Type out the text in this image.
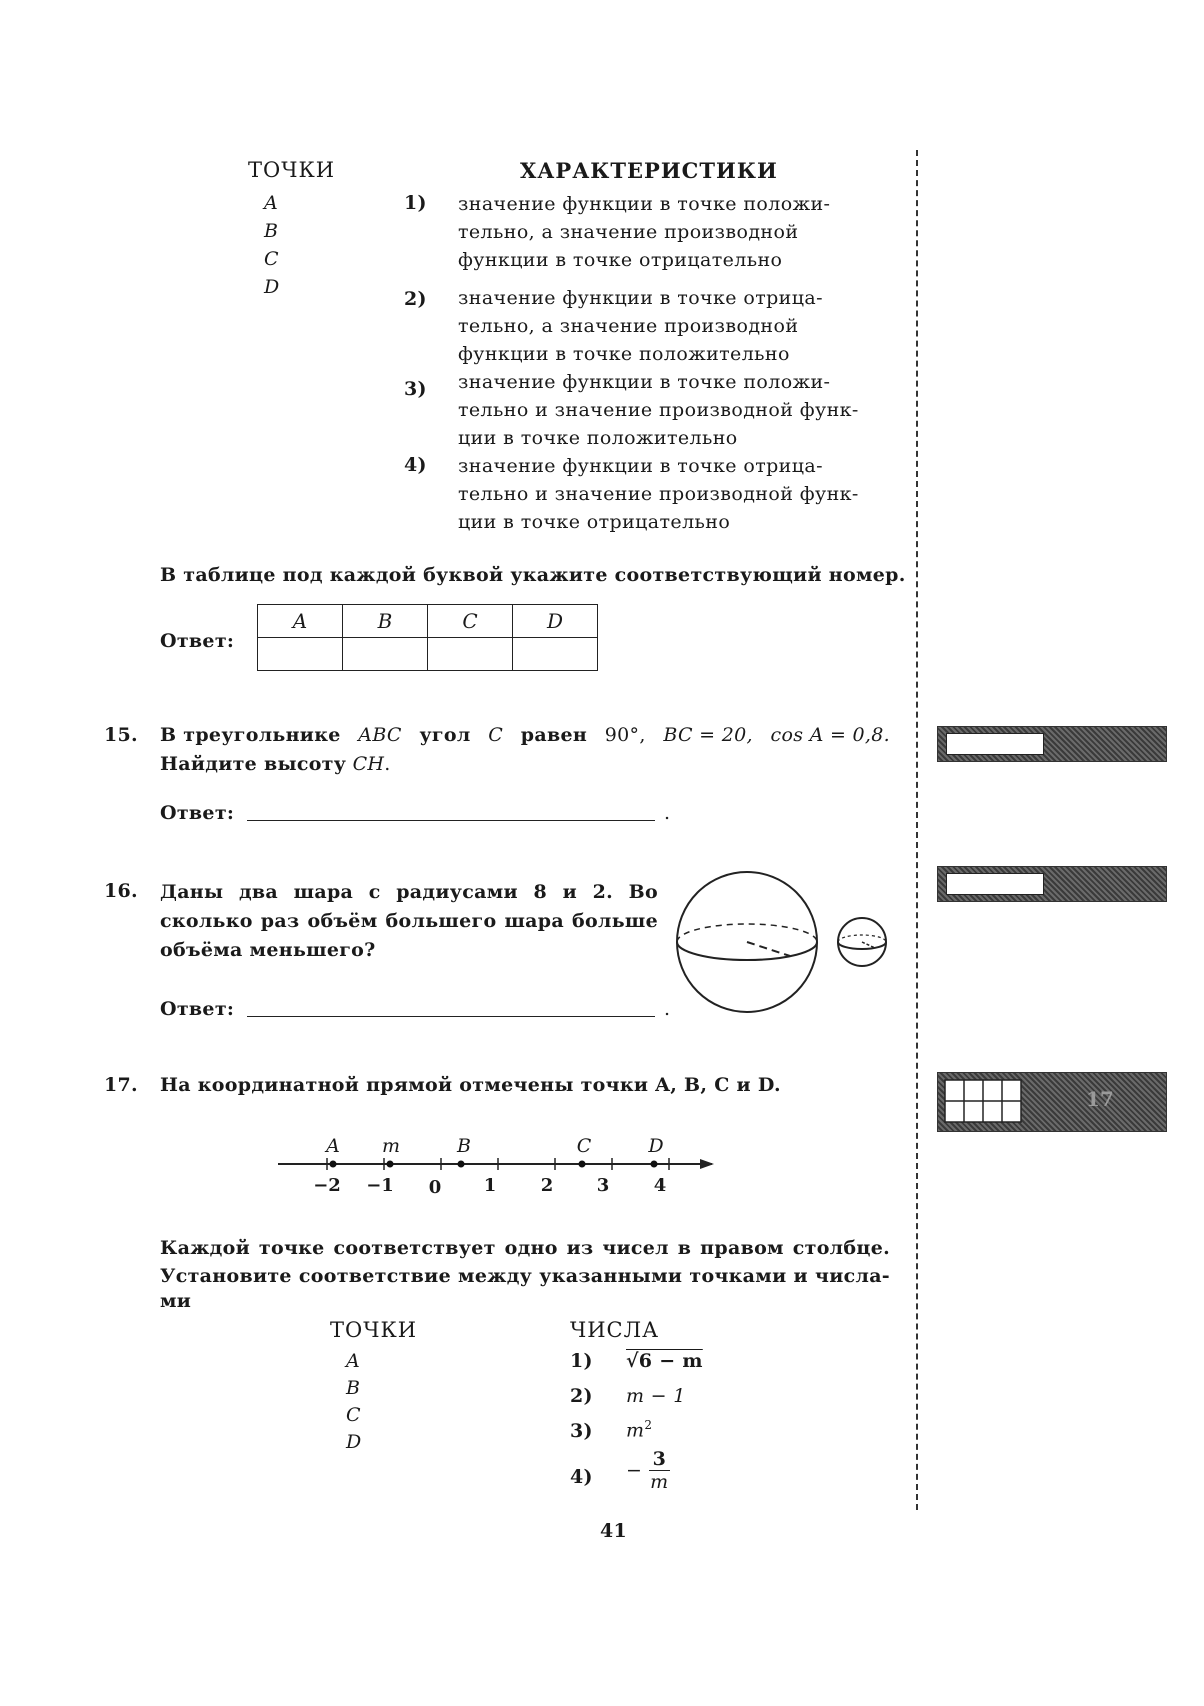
ТОЧКИ	ХАРАКТЕРИСТИКИ
A
B
C
D
1) значение функции в точке положи-
тельно, а значение производной
функции в точке отрицательно
2) значение функции в точке отрица-
тельно, а значение производной
функции в точке положительно
3) значение функции в точке положи-
тельно и значение производной функ-
ции в точке положительно
4) значение функции в точке отрица-
тельно и значение производной функ-
ции в точке отрицательно
В таблице под каждой буквой укажите соответствующий номер.
Ответ:
A	B	C	D

15. В треугольнике ABC угол C равен 90°, BC = 20, cos A = 0,8.
Найдите высоту CH.
Ответ:	.
16. Даны два шара с радиусами 8 и 2. Во
сколько раз объём большего шара больше
объёма меньшего?
Ответ:	.
17. На координатной прямой отмечены точки A, B, C и D.
A m	B	C	D
−2 −1 0 1 2 3 4
Каждой точке соответствует одно из чисел в правом столбце.
Установите соответствие между указанными точками и числа-
ми
ТОЧКИ	ЧИСЛА
A
B
C
D
1) √6 − m
2) m − 1
3) $m^2$
$4) - \frac{3}{m}$
41
17
